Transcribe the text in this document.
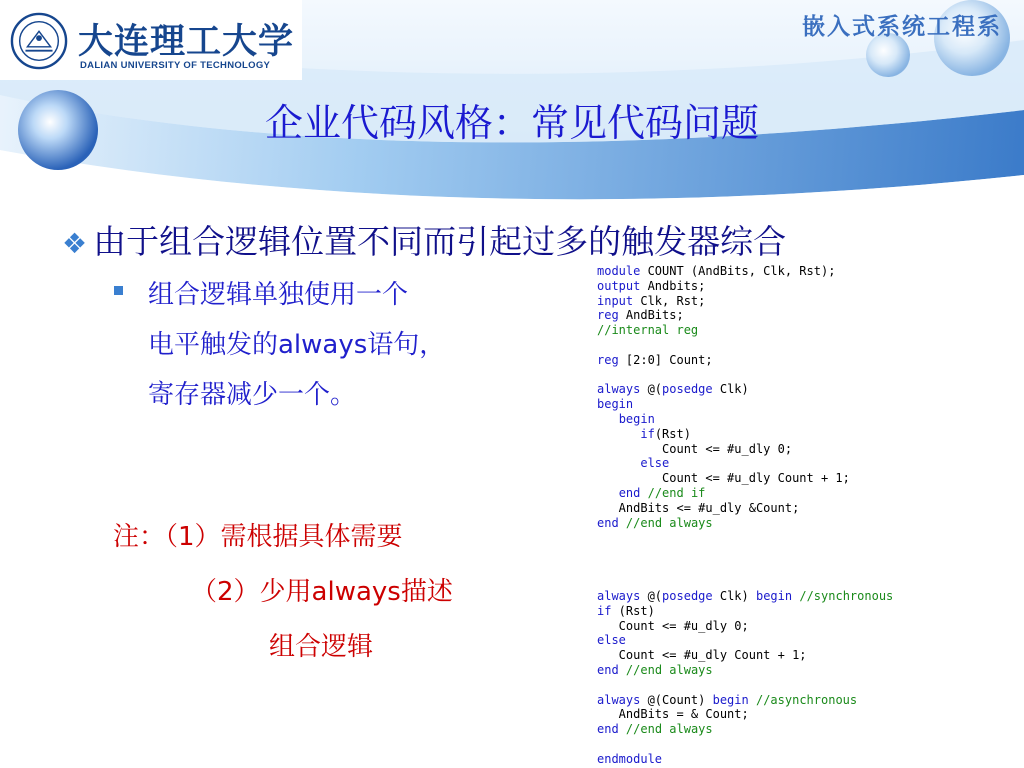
大连理工大学
DALIAN UNIVERSITY OF TECHNOLOGY
嵌入式系统工程系
企业代码风格：常见代码问题
❖ 由于组合逻辑位置不同而引起过多的触发器综合
组合逻辑单独使用一个
电平触发的always语句，
寄存器减少一个。
注：（1）需根据具体需要
（2）少用always描述
组合逻辑
module COUNT (AndBits, Clk, Rst);
output Andbits;
input Clk, Rst;
reg AndBits;
//internal reg

reg [2:0] Count;

always @(posedge Clk)
begin
begin
if(Rst)
Count <= #u_dly 0;
else
Count <= #u_dly Count + 1;
end //end if
AndBits <= #u_dly &Count;
end //end always
always @(posedge Clk) begin //synchronous
if (Rst)
Count <= #u_dly 0;
else
Count <= #u_dly Count + 1;
end //end always

always @(Count) begin //asynchronous
AndBits = & Count;
end //end always

endmodule
